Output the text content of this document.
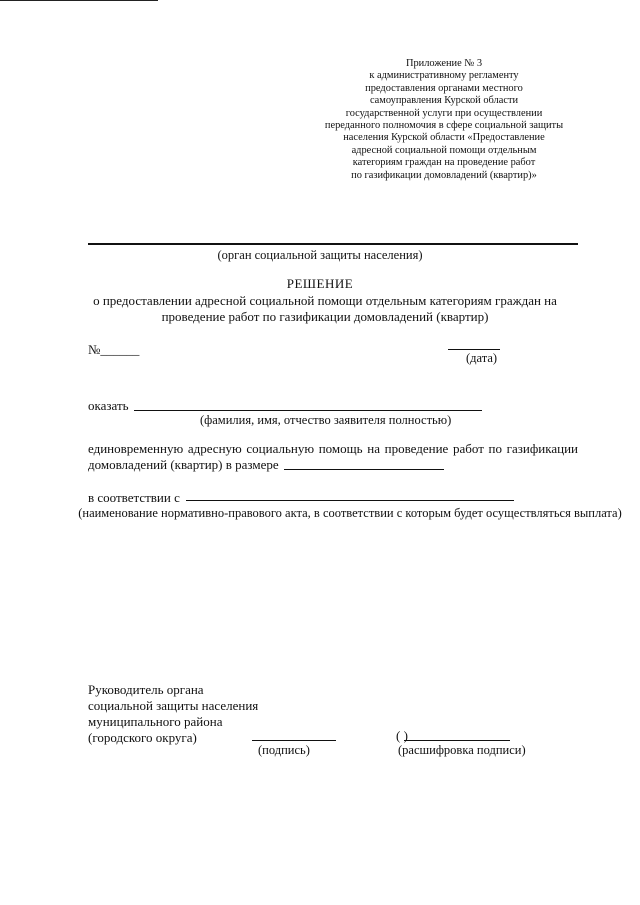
Приложение № 3
к административному регламенту
предоставления органами местного
самоуправления Курской области
государственной услуги при осуществлении
переданного полномочия в сфере социальной защиты
населения Курской области «Предоставление
адресной социальной помощи отдельным
категориям граждан на проведение работ
по газификации домовладений (квартир)»
(орган социальной защиты населения)
РЕШЕНИЕ
о предоставлении адресной социальной помощи отдельным категориям граждан на проведение работ по газификации домовладений (квартир)
№______
(дата)
оказать
(фамилия, имя, отчество заявителя полностью)
единовременную адресную социальную помощь на проведение работ по газификации домовладений (квартир) в размере
в соответствии с
(наименование нормативно-правового акта, в соответствии с которым будет осуществляться выплата)
Руководитель органа
социальной защиты населения
муниципального района
(городского округа)
(подпись)
( )
(расшифровка подписи)
